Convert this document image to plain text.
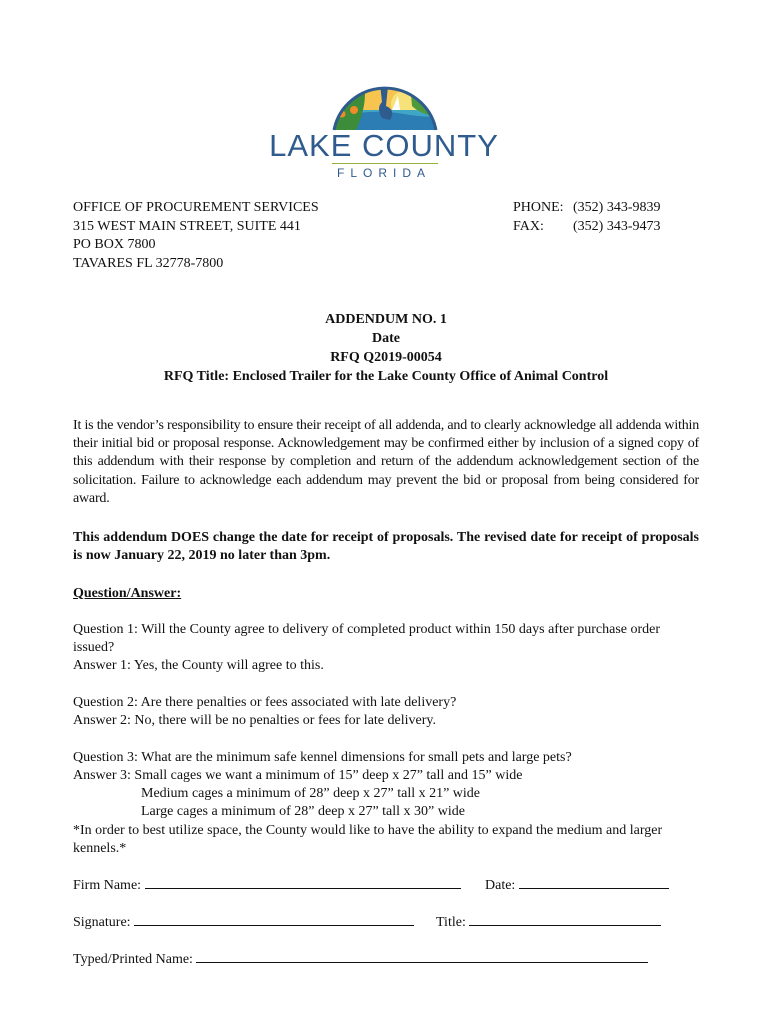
LAKE COUNTY
FLORIDA
OFFICE OF PROCUREMENT SERVICES
315 WEST MAIN STREET, SUITE 441
PO BOX 7800
TAVARES FL 32778-7800
PHONE: (352) 343-9839
FAX: (352) 343-9473
ADDENDUM NO. 1
Date
RFQ Q2019-00054
RFQ Title: Enclosed Trailer for the Lake County Office of Animal Control
It is the vendor’s responsibility to ensure their receipt of all addenda, and to clearly acknowledge all addenda within their initial bid or proposal response. Acknowledgement may be confirmed either by inclusion of a signed copy of this addendum with their response by completion and return of the addendum acknowledgement section of the solicitation. Failure to acknowledge each addendum may prevent the bid or proposal from being considered for award.
This addendum DOES change the date for receipt of proposals. The revised date for receipt of proposals is now January 22, 2019 no later than 3pm.
Question/Answer:
Question 1: Will the County agree to delivery of completed product within 150 days after purchase order issued?
Answer 1: Yes, the County will agree to this.
Question 2: Are there penalties or fees associated with late delivery?
Answer 2: No, there will be no penalties or fees for late delivery.
Question 3: What are the minimum safe kennel dimensions for small pets and large pets?
Answer 3: Small cages we want a minimum of 15” deep x 27” tall and 15” wide
Medium cages a minimum of 28” deep x 27” tall x 21” wide
Large cages a minimum of 28” deep x 27” tall x 30” wide
*In order to best utilize space, the County would like to have the ability to expand the medium and larger kennels.*
Firm Name:	Date:
Signature:	Title:
Typed/Printed Name:
